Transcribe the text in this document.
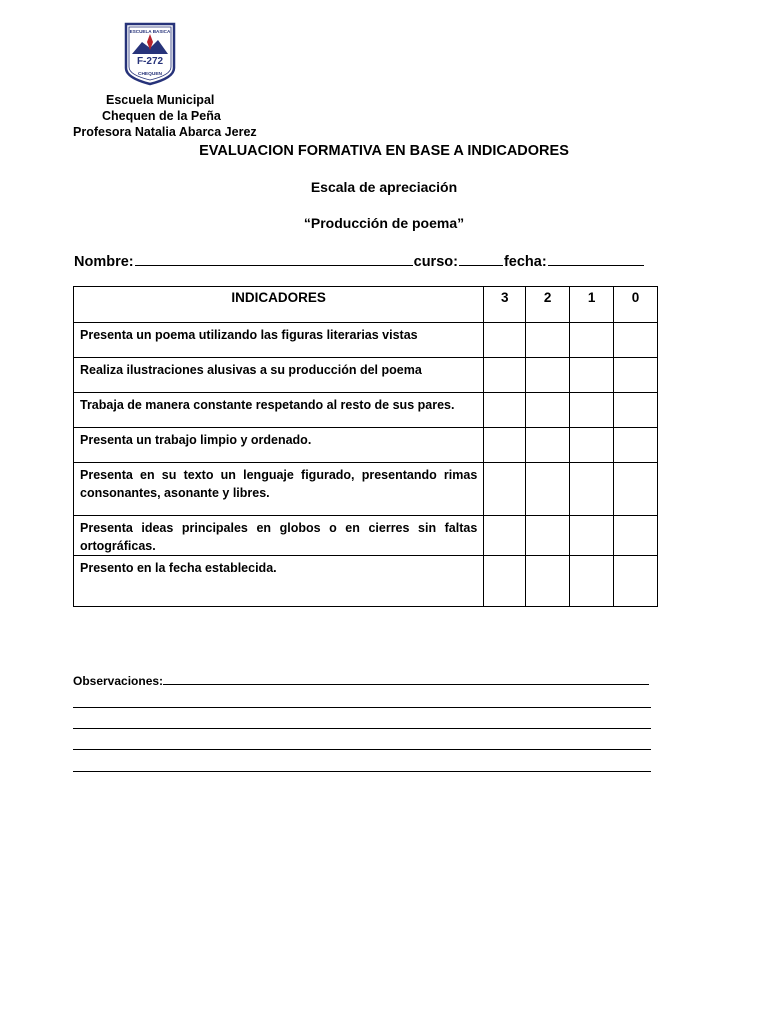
ESCUELA BASICA
F-272
CHEQUEN
Escuela Municipal
Chequen de la Peña
Profesora Natalia Abarca Jerez
EVALUACION FORMATIVA EN BASE A INDICADORES
Escala de apreciación
“Producción de poema”
Nombre:	curso:	fecha:
INDICADORES	3	2	1	0
Presenta un poema utilizando las figuras literarias vistas				
Realiza ilustraciones alusivas a su producción del poema				
Trabaja de manera constante respetando al resto de sus pares.				
Presenta un trabajo limpio y ordenado.				
Presenta en su texto un lenguaje figurado, presentando rimas consonantes, asonante y libres.				
Presenta ideas principales en globos o en cierres sin faltas ortográficas.				
Presento en la fecha establecida.				
Observaciones:
